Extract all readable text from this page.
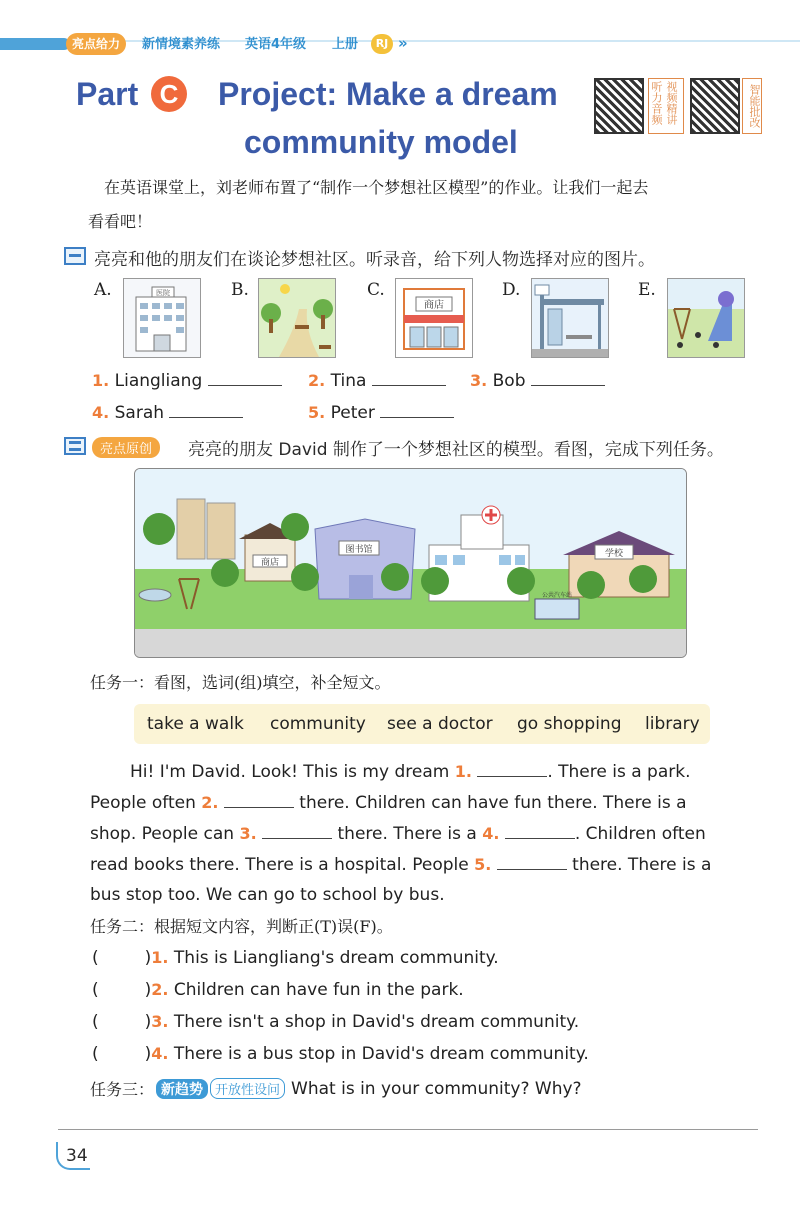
亮点给力	新情境素养练 英语4年级 上册	RJ »
Part C Project: Make a dream
community model
听力音频 视频精讲	智能批改
在英语课堂上，刘老师布置了“制作一个梦想社区模型”的作业。让我们一起去
看看吧！
亮亮和他的朋友们在谈论梦想社区。听录音，给下列人物选择对应的图片。
A.	医院	B.	C.
商店
D.	E.
1. Liangliang	2. Tina	3. Bob
4. Sarah	5. Peter
亮点原创	亮亮的朋友 David 制作了一个梦想社区的模型。看图，完成下列任务。
商店
图书馆	学校
公共汽车站
任务一：看图，选词(组)填空，补全短文。
take a walk community see a doctor go shopping library
Hi! I'm David. Look! This is my dream 1.	. There is a park.
People often 2.	there. Children can have fun there. There is a
shop. People can 3.	there. There is a 4.	. Children often
read books there. There is a hospital. People 5.	there. There is a
bus stop too. We can go to school by bus.
任务二：根据短文内容，判断正(T)误(F)。
(	)1. This is Liangliang's dream community.
(	)2. Children can have fun in the park.
(	)3. There isn't a shop in David's dream community.
(	)4. There is a bus stop in David's dream community.
任务三： 新趋势 开放性设问 What is in your community? Why?
34
